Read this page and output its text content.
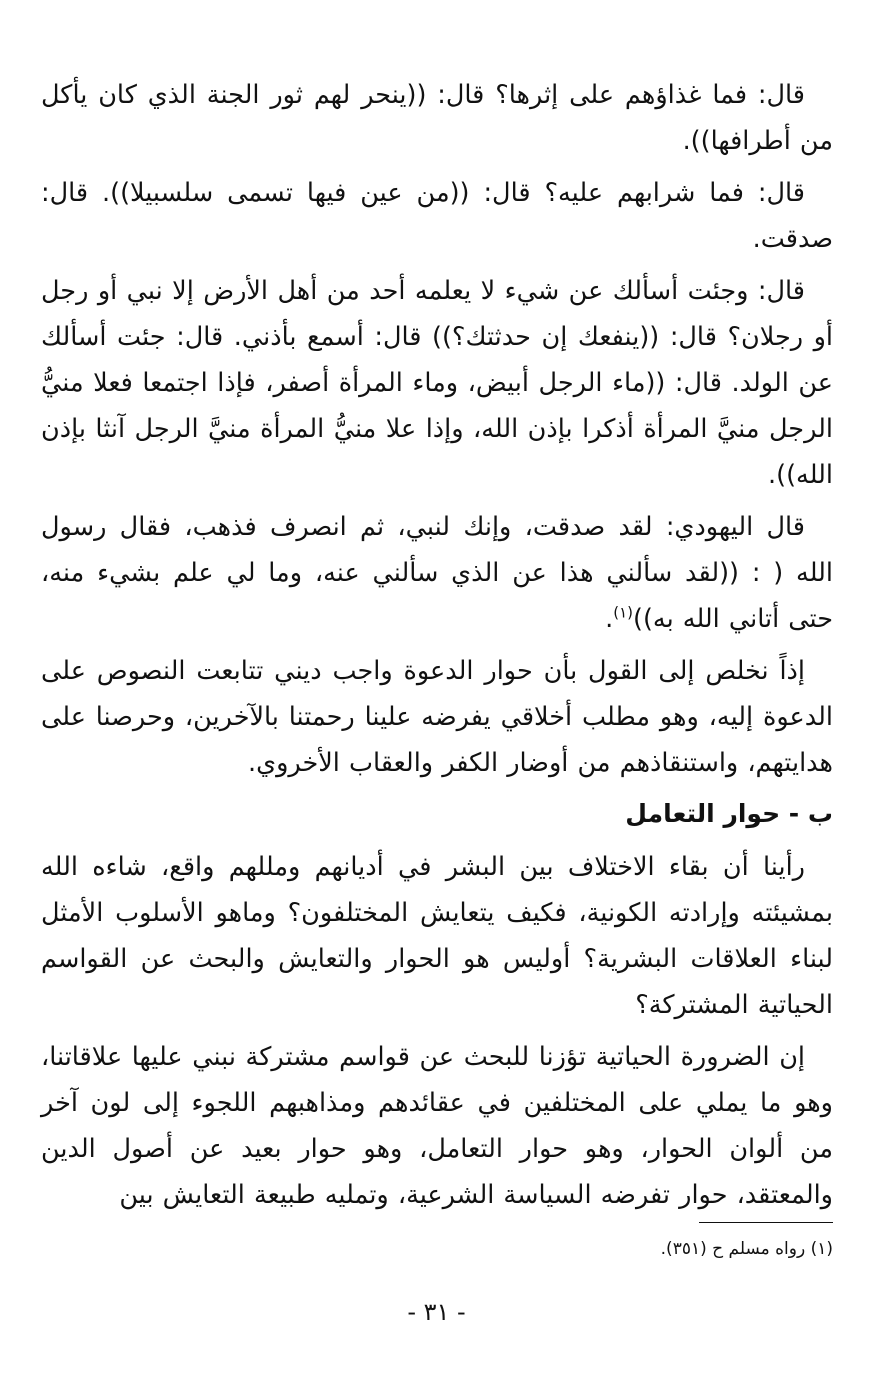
قال: فما غذاؤهم على إثرها؟ قال: ((ينحر لهم ثور الجنة الذي كان يأكل من أطرافها)).

قال: فما شرابهم عليه؟ قال: ((من عين فيها تسمى سلسبيلا)). قال: صدقت.

قال: وجئت أسألك عن شيء لا يعلمه أحد من أهل الأرض إلا نبي أو رجل أو رجلان؟ قال: ((ينفعك إن حدثتك؟)) قال: أسمع بأذني. قال: جئت أسألك عن الولد. قال: ((ماء الرجل أبيض، وماء المرأة أصفر، فإذا اجتمعا فعلا منيُّ الرجل منيَّ المرأة أذكرا بإذن الله، وإذا علا منيُّ المرأة منيَّ الرجل آنثا بإذن الله)).

قال اليهودي: لقد صدقت، وإنك لنبي، ثم انصرف فذهب، فقال رسول الله ( : ((لقد سألني هذا عن الذي سألني عنه، وما لي علم بشيء منه، حتى أتاني الله به))$^{(١)}$.

إذاً نخلص إلى القول بأن حوار الدعوة واجب ديني تتابعت النصوص على الدعوة إليه، وهو مطلب أخلاقي يفرضه علينا رحمتنا بالآخرين، وحرصنا على هدايتهم، واستنقاذهم من أوضار الكفر والعقاب الأخروي.

ب - حوار التعامل

رأينا أن بقاء الاختلاف بين البشر في أديانهم ومللهم واقع، شاءه الله بمشيئته وإرادته الكونية، فكيف يتعايش المختلفون؟ وماهو الأسلوب الأمثل لبناء العلاقات البشرية؟ أوليس هو الحوار والتعايش والبحث عن القواسم الحياتية المشتركة؟

إن الضرورة الحياتية تؤزنا للبحث عن قواسم مشتركة نبني عليها علاقاتنا، وهو ما يملي على المختلفين في عقائدهم ومذاهبهم اللجوء إلى لون آخر من ألوان الحوار، وهو حوار التعامل، وهو حوار بعيد عن أصول الدين والمعتقد، حوار تفرضه السياسة الشرعية، وتمليه طبيعة التعايش بين

(١) رواه مسلم ح (٣٥١).
- ٣١ -
